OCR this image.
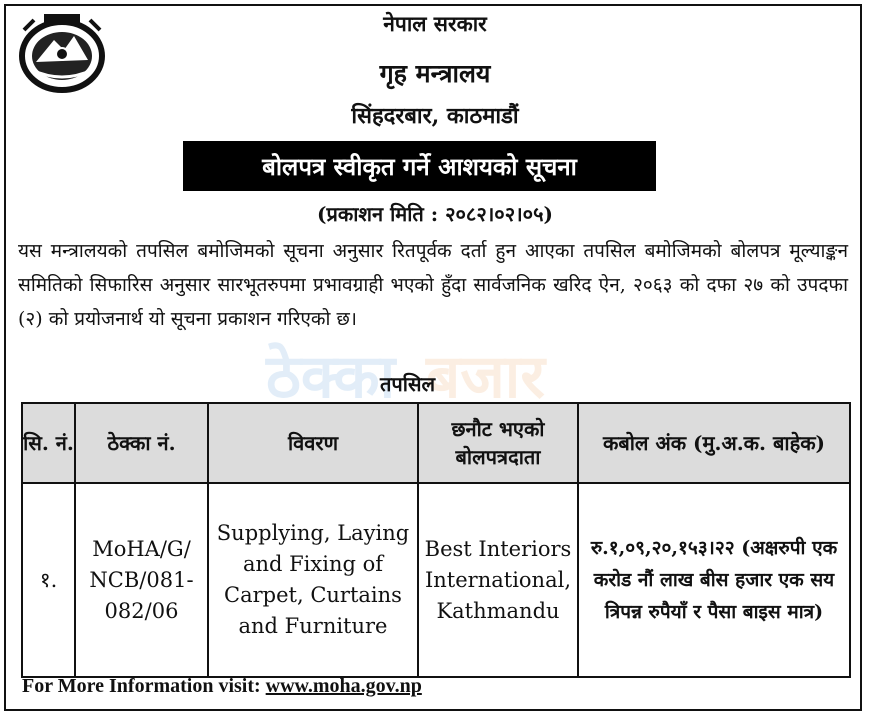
नेपाल सरकार
गृह मन्त्रालय
सिंहदरबार, काठमाडौं
बोलपत्र स्वीकृत गर्ने आशयको सूचना
(प्रकाशन मिति : २०८२।०२।०५)
यस मन्त्रालयको तपसिल बमोजिमको सूचना अनुसार रितपूर्वक दर्ता हुन आएका तपसिल बमोजिमको बोलपत्र मूल्याङ्कन समितिको सिफारिस अनुसार सारभूतरुपमा प्रभावग्राही भएको हुँदा सार्वजनिक खरिद ऐन, २०६३ को दफा २७ को उपदफा (२) को प्रयोजनार्थ यो सूचना प्रकाशन गरिएको छ।
ठेक्का बजार
तपसिल
सि. नं.	ठेक्का नं.	विवरण	छनौट भएको बोलपत्रदाता	कबोल अंक (मु.अ.क. बाहेक)
१.	MoHA/G/ NCB/081- 082/06	Supplying, Laying and Fixing of Carpet, Curtains and Furniture	Best Interiors International, Kathmandu	रु.१,०९,२०,१५३।२२ (अक्षरुपी एक करोड नौं लाख बीस हजार एक सय त्रिपन्न रुपैयाँ र पैसा बाइस मात्र)
For More Information visit: www.moha.gov.np
